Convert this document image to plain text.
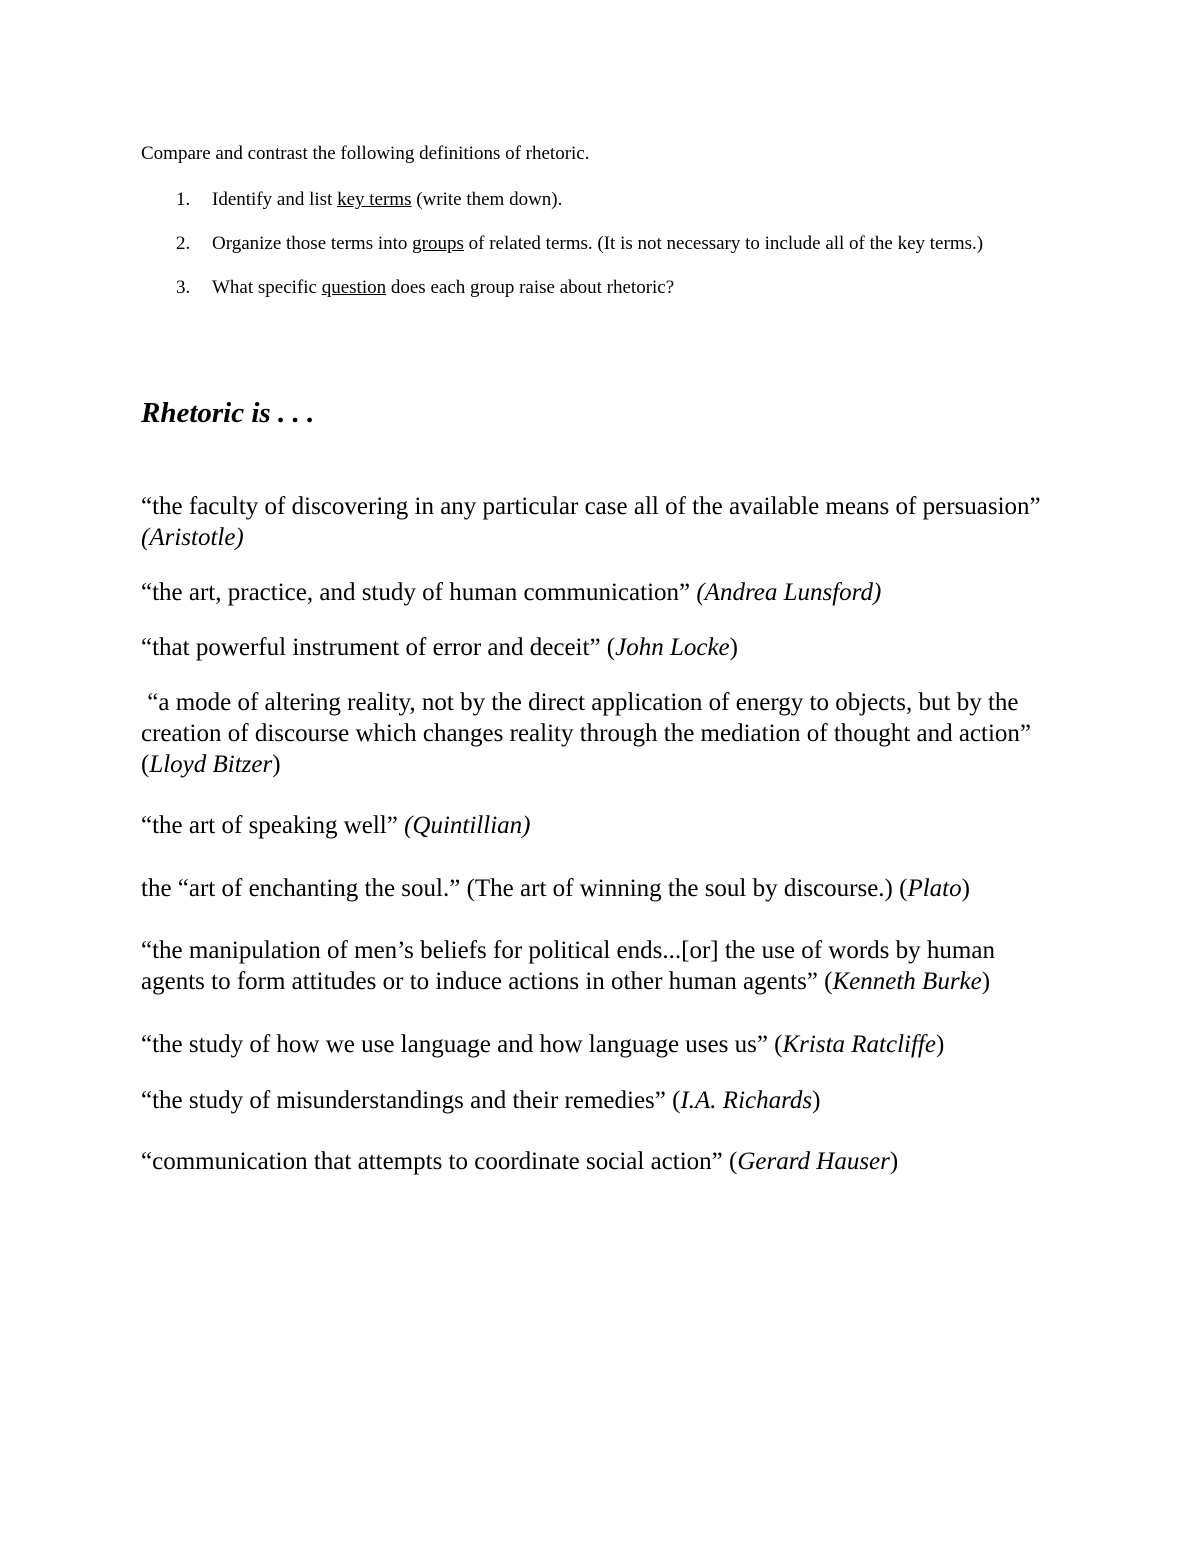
Compare and contrast the following definitions of rhetoric.
1. Identify and list key terms (write them down).
2. Organize those terms into groups of related terms. (It is not necessary to include all of the key terms.)
3. What specific question does each group raise about rhetoric?
Rhetoric is . . .

“the faculty of discovering in any particular case all of the available means of persuasion” (Aristotle)

“the art, practice, and study of human communication” (Andrea Lunsford)

“that powerful instrument of error and deceit” (John Locke)

“a mode of altering reality, not by the direct application of energy to objects, but by the creation of discourse which changes reality through the mediation of thought and action” (Lloyd Bitzer)

“the art of speaking well” (Quintillian)

the “art of enchanting the soul.” (The art of winning the soul by discourse.) (Plato)

“the manipulation of men’s beliefs for political ends...[or] the use of words by human agents to form attitudes or to induce actions in other human agents” (Kenneth Burke)

“the study of how we use language and how language uses us” (Krista Ratcliffe)

“the study of misunderstandings and their remedies” (I.A. Richards)

“communication that attempts to coordinate social action” (Gerard Hauser)
